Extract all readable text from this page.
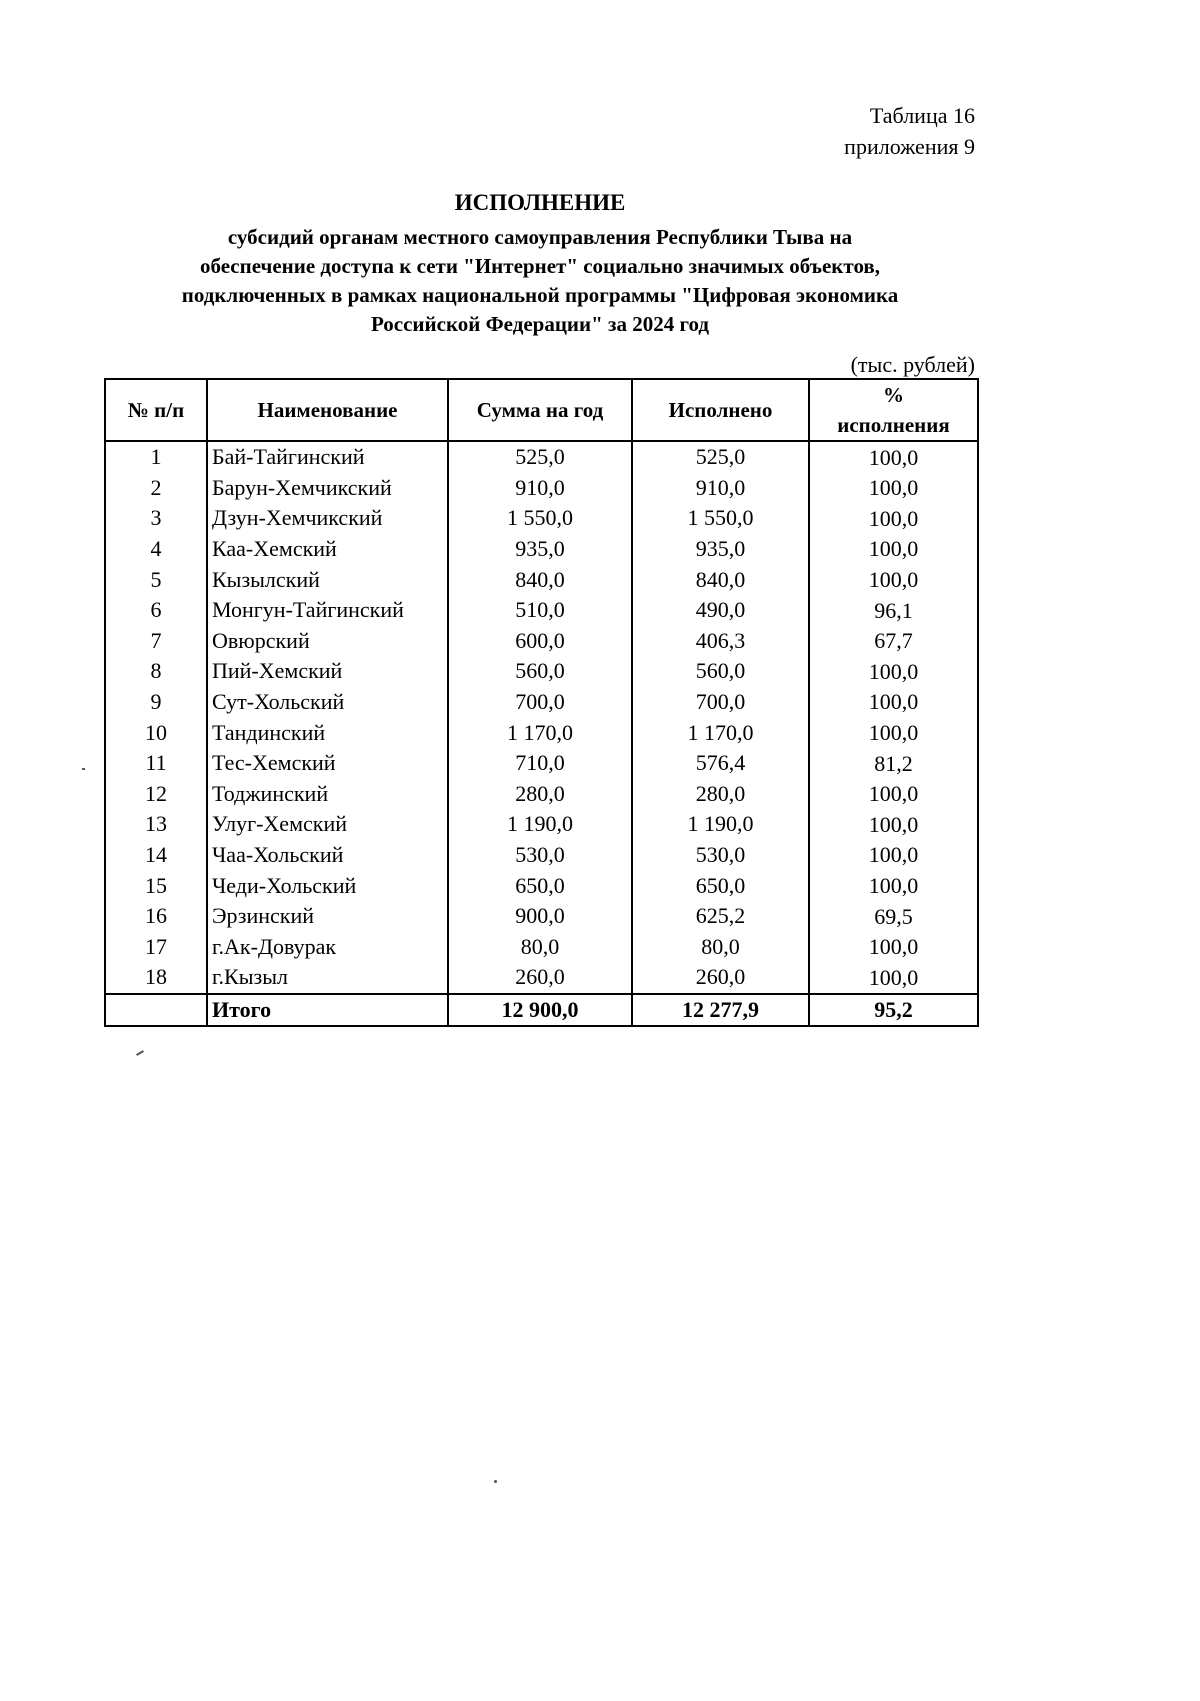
Таблица 16
приложения 9
ИСПОЛНЕНИЕ
субсидий органам местного самоуправления Республики Тыва на
обеспечение доступа к сети "Интернет" социально значимых объектов,
подключенных в рамках национальной программы "Цифровая экономика
Российской Федерации" за 2024 год
(тыс. рублей)
№ п/п	Наименование	Сумма на год	Исполнено	%
исполнения

1	Бай-Тайгинский	525,0	525,0	100,0
2	Барун-Хемчикский	910,0	910,0	100,0
3	Дзун-Хемчикский	1 550,0	1 550,0	100,0
4	Каа-Хемский	935,0	935,0	100,0
5	Кызылский	840,0	840,0	100,0
6	Монгун-Тайгинский	510,0	490,0	96,1
7	Овюрский	600,0	406,3	67,7
8	Пий-Хемский	560,0	560,0	100,0
9	Сут-Хольский	700,0	700,0	100,0
10	Тандинский	1 170,0	1 170,0	100,0
11	Тес-Хемский	710,0	576,4	81,2
12	Тоджинский	280,0	280,0	100,0
13	Улуг-Хемский	1 190,0	1 190,0	100,0
14	Чаа-Хольский	530,0	530,0	100,0
15	Чеди-Хольский	650,0	650,0	100,0
16	Эрзинский	900,0	625,2	69,5
17	г.Ак-Довурак	80,0	80,0	100,0
18	г.Кызыл	260,0	260,0	100,0
	Итого	12 900,0	12 277,9	95,2
